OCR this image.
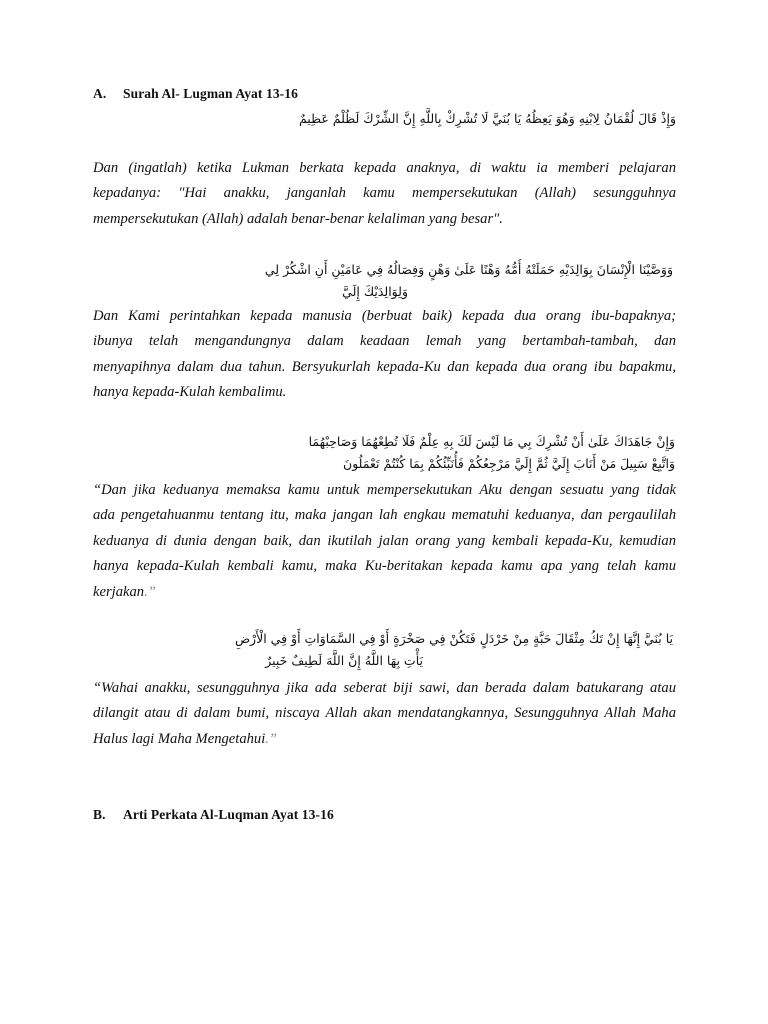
A. Surah Al- Lugman Ayat 13-16
وَإِذْ قَالَ لُقْمَانُ لِابْنِهِ وَهُوَ يَعِظُهُ يَا بُنَيَّ لَا تُشْرِكْ بِاللَّهِ إِنَّ الشِّرْكَ لَظُلْمٌ عَظِيمٌ
Dan (ingatlah) ketika Lukman berkata kepada anaknya, di waktu ia memberi pelajaran
kepadanya: "Hai anakku, janganlah kamu mempersekutukan (Allah) sesungguhnya
mempersekutukan (Allah) adalah benar-benar kelaliman yang besar".
وَوَصَّيْنَا الْإِنْسَانَ بِوَالِدَيْهِ حَمَلَتْهُ أُمُّهُ وَهْنًا عَلَىٰ وَهْنٍ وَفِصَالُهُ فِي عَامَيْنِ أَنِ اشْكُرْ لِي
وَلِوَالِدَيْكَ إِلَيَّ
Dan Kami perintahkan kepada manusia (berbuat baik) kepada dua orang ibu-bapaknya;
ibunya telah mengandungnya dalam keadaan lemah yang bertambah-tambah, dan
menyapihnya dalam dua tahun. Bersyukurlah kepada-Ku dan kepada dua orang ibu bapakmu,
hanya kepada-Kulah kembalimu.
وَإِنْ جَاهَدَاكَ عَلَىٰ أَنْ تُشْرِكَ بِي مَا لَيْسَ لَكَ بِهِ عِلْمٌ فَلَا تُطِعْهُمَا وَصَاحِبْهُمَا
وَاتَّبِعْ سَبِيلَ مَنْ أَنَابَ إِلَيَّ ثُمَّ إِلَيَّ مَرْجِعُكُمْ فَأُنَبِّئُكُمْ بِمَا كُنْتُمْ تَعْمَلُونَ
“Dan jika keduanya memaksa kamu untuk mempersekutukan Aku dengan sesuatu yang tidak
ada pengetahuanmu tentang itu, maka jangan lah engkau mematuhi keduanya, dan pergaulilah
keduanya di dunia dengan baik, dan ikutilah jalan orang yang kembali kepada-Ku, kemudian
hanya kepada-Kulah kembali kamu, maka Ku-beritakan kepada kamu apa yang telah kamu
kerjakan.”
يَا بُنَيَّ إِنَّهَا إِنْ تَكُ مِثْقَالَ حَبَّةٍ مِنْ خَرْدَلٍ فَتَكُنْ فِي صَخْرَةٍ أَوْ فِي السَّمَاوَاتِ أَوْ فِي الْأَرْضِ
يَأْتِ بِهَا اللَّهُ إِنَّ اللَّهَ لَطِيفٌ خَبِيرٌ
“Wahai anakku, sesungguhnya jika ada seberat biji sawi, dan berada dalam batukarang atau
dilangit atau di dalam bumi, niscaya Allah akan mendatangkannya, Sesungguhnya Allah Maha
Halus lagi Maha Mengetahui.”
B. Arti Perkata Al-Luqman Ayat 13-16
